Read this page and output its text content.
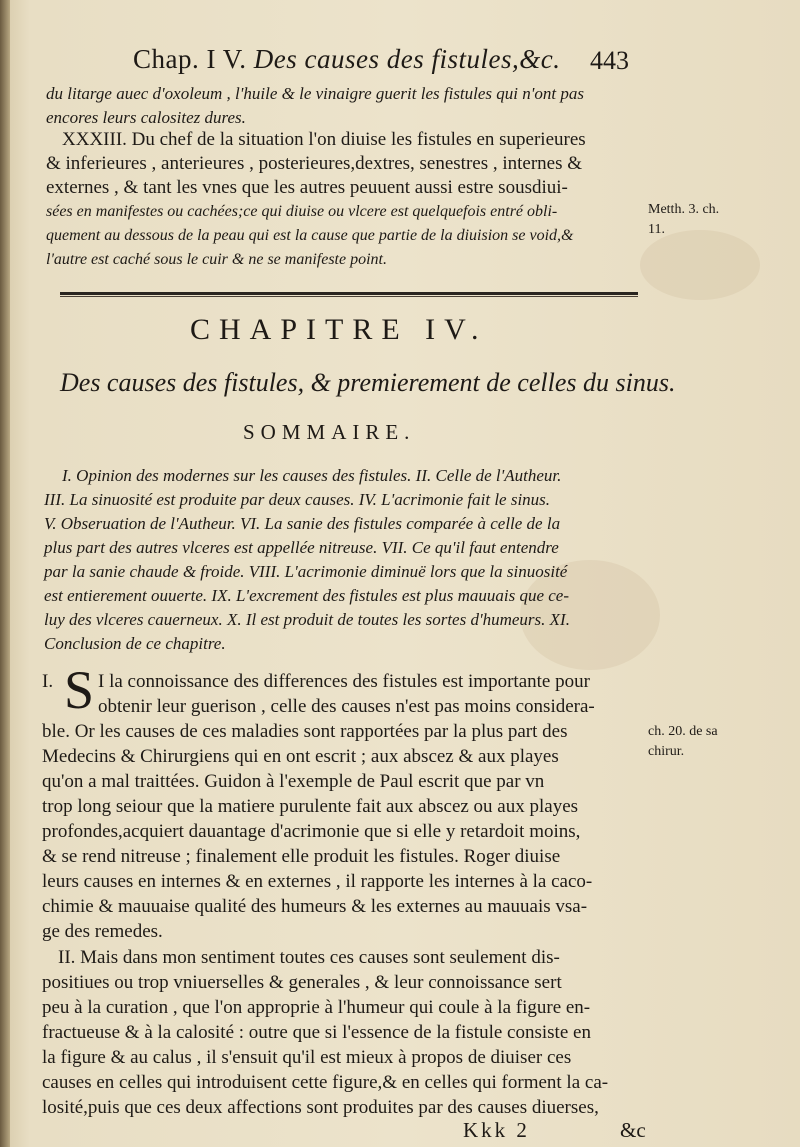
Chap. I V. Des causes des fistules,&c. 443
du litarge auec d'oxoleum , l'huile & le vinaigre guerit les fistules qui n'ont pas
encores leurs calositez dures.
XXXIII. Du chef de la situation l'on diuise les fistules en superieures
& inferieures , anterieures , posterieures,dextres, senestres , internes &
externes , & tant les vnes que les autres peuuent aussi estre sousdiui-
sées en manifestes ou cachées;ce qui diuise ou vlcere est quelquefois entré obli-
quement au dessous de la peau qui est la cause que partie de la diuision se void,&
l'autre est caché sous le cuir & ne se manifeste point.
Metth. 3. ch.
11.
CHAPITRE IV.
Des causes des fistules, & premierement de celles du sinus.
SOMMAIRE.
I. Opinion des modernes sur les causes des fistules. II. Celle de l'Autheur.
III. La sinuosité est produite par deux causes. IV. L'acrimonie fait le sinus.
V. Obseruation de l'Autheur. VI. La sanie des fistules comparée à celle de la
plus part des autres vlceres est appellée nitreuse. VII. Ce qu'il faut entendre
par la sanie chaude & froide. VIII. L'acrimonie diminuë lors que la sinuosité
est entierement ouuerte. IX. L'excrement des fistules est plus mauuais que ce-
luy des vlceres cauerneux. X. Il est produit de toutes les sortes d'humeurs. XI.
Conclusion de ce chapitre.
I. S I la connoissance des differences des fistules est importante pour
obtenir leur guerison , celle des causes n'est pas moins considera-
ble. Or les causes de ces maladies sont rapportées par la plus part des
Medecins & Chirurgiens qui en ont escrit ; aux abscez & aux playes
qu'on a mal traittées. Guidon à l'exemple de Paul escrit que par vn
trop long seiour que la matiere purulente fait aux abscez ou aux playes
profondes,acquiert dauantage d'acrimonie que si elle y retardoit moins,
& se rend nitreuse ; finalement elle produit les fistules. Roger diuise
leurs causes en internes & en externes , il rapporte les internes à la caco-
chimie & mauuaise qualité des humeurs & les externes au mauuais vsa-
ge des remedes.
ch. 20. de sa
chirur.
II. Mais dans mon sentiment toutes ces causes sont seulement dis-
positiues ou trop vniuerselles & generales , & leur connoissance sert
peu à la curation , que l'on approprie à l'humeur qui coule à la figure en-
fractueuse & à la calosité : outre que si l'essence de la fistule consiste en
la figure & au calus , il s'ensuit qu'il est mieux à propos de diuiser ces
causes en celles qui introduisent cette figure,& en celles qui forment la ca-
losité,puis que ces deux affections sont produites par des causes diuerses,
Kkk 2	&c
